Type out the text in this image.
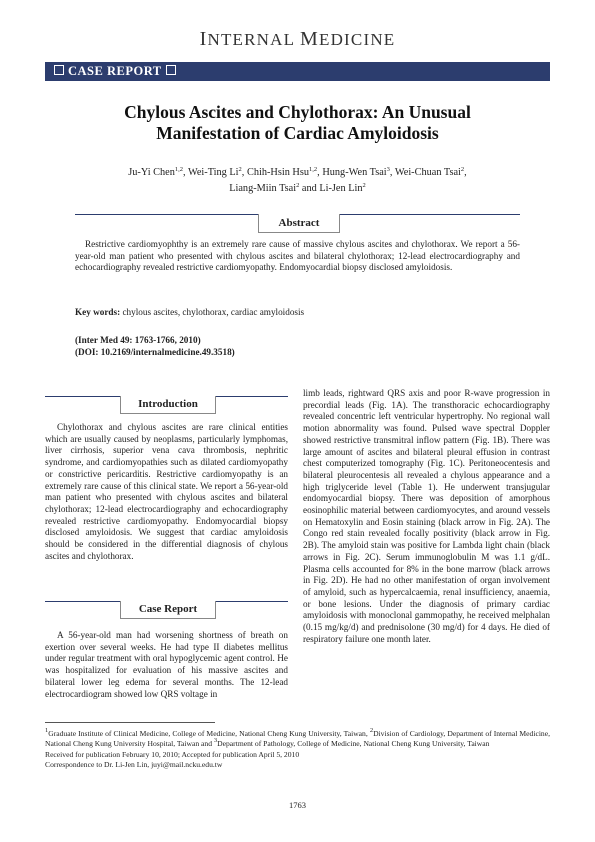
INTERNAL MEDICINE
CASE REPORT
Chylous Ascites and Chylothorax: An Unusual
Manifestation of Cardiac Amyloidosis
Ju-Yi Chen$^{1,2}$, Wei-Ting Li$^2$, Chih-Hsin Hsu$^{1,2}$, Hung-Wen Tsai$^3$, Wei-Chuan Tsai$^2$,
Liang-Miin Tsai$^2$ and Li-Jen Lin$^2$
Abstract
Restrictive cardiomyophthy is an extremely rare cause of massive chylous ascites and chylothorax. We report a 56-year-old man patient who presented with chylous ascites and bilateral chylothorax; 12-lead electrocardiography and echocardiography revealed restrictive cardiomyopathy. Endomyocardial biopsy disclosed amyloidosis.
Key words: chylous ascites, chylothorax, cardiac amyloidosis
(Inter Med 49: 1763-1766, 2010)
(DOI: 10.2169/internalmedicine.49.3518)
Introduction

Chylothorax and chylous ascites are rare clinical entities which are usually caused by neoplasms, particularly lymphomas, liver cirrhosis, superior vena cava thrombosis, nephritic syndrome, and cardiomyopathies such as dilated cardiomyopathy or constrictive pericarditis. Restrictive cardiomyopathy is an extremely rare cause of this clinical state. We report a 56-year-old man patient who presented with chylous ascites and bilateral chylothorax; 12-lead electrocardiography and echocardiography revealed restrictive cardiomyopathy. Endomyocardial biopsy disclosed amyloidosis. We suggest that cardiac amyloidosis should be considered in the differential diagnosis of chylous ascites and chylothorax.

Case Report

A 56-year-old man had worsening shortness of breath on exertion over several weeks. He had type II diabetes mellitus under regular treatment with oral hypoglycemic agent control. He was hospitalized for evaluation of his massive ascites and bilateral lower leg edema for several months. The 12-lead electrocardiogram showed low QRS voltage in

limb leads, rightward QRS axis and poor R-wave progression in precordial leads (Fig. 1A). The transthoracic echocardiography revealed concentric left ventricular hypertrophy. No regional wall motion abnormality was found. Pulsed wave spectral Doppler showed restrictive transmitral inflow pattern (Fig. 1B). There was large amount of ascites and bilateral pleural effusion in contrast chest computerized tomography (Fig. 1C). Peritoneocentesis and bilateral pleurocentesis all revealed a chylous appearance and a high triglyceride level (Table 1). He underwent transjugular endomyocardial biopsy. There was deposition of amorphous eosinophilic material between cardiomyocytes, and around vessels on Hematoxylin and Eosin staining (black arrow in Fig. 2A). The Congo red stain revealed focally positivity (black arrow in Fig. 2B). The amyloid stain was positive for Lambda light chain (black arrows in Fig. 2C). Serum immunoglobulin M was 1.1 g/dL. Plasma cells accounted for 8% in the bone marrow (black arrows in Fig. 2D). He had no other manifestation of organ involvement of amyloid, such as hypercalcaemia, renal insufficiency, anaemia, or bone lesions. Under the diagnosis of primary cardiac amyloidosis with monoclonal gammopathy, he received melphalan (0.15 mg/kg/d) and prednisolone (30 mg/d) for 4 days. He died of respiratory failure one month later.

$^1$Graduate Institute of Clinical Medicine, College of Medicine, National Cheng Kung University, Taiwan, $^2$Division of Cardiology, Department of Internal Medicine, National Cheng Kung University Hospital, Taiwan and $^3$Department of Pathology, College of Medicine, National Cheng Kung University, Taiwan

Received for publication February 10, 2010; Accepted for publication April 5, 2010

Correspondence to Dr. Li-Jen Lin, juyi@mail.ncku.edu.tw

1763
